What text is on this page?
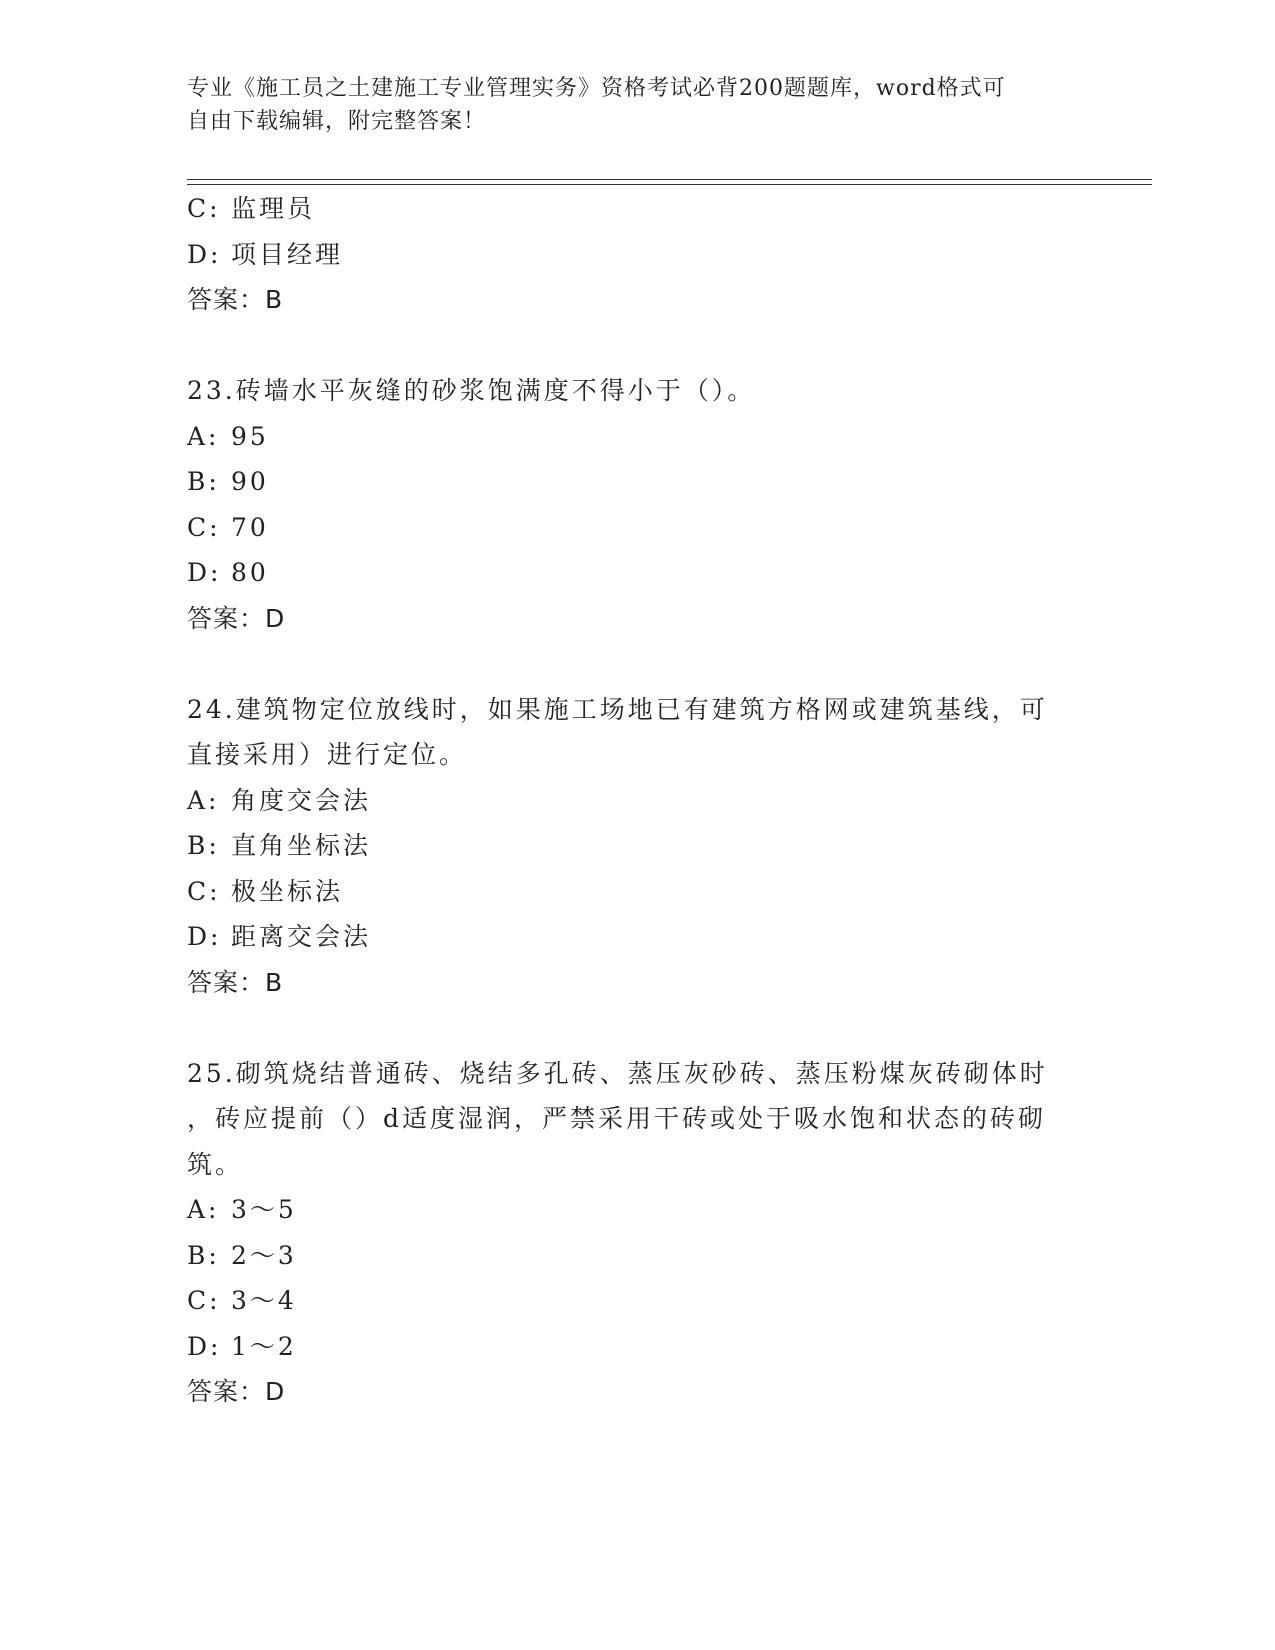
专业《施工员之土建施工专业管理实务》资格考试必背200题题库，word格式可
自由下载编辑，附完整答案！
C: 监理员
D: 项目经理
答案：B
23.砖墙水平灰缝的砂浆饱满度不得小于（）。
A: 95
B: 90
C: 70
D: 80
答案：D
24.建筑物定位放线时，如果施工场地已有建筑方格网或建筑基线，可
直接采用）进行定位。
A: 角度交会法
B: 直角坐标法
C: 极坐标法
D: 距离交会法
答案：B
25.砌筑烧结普通砖、烧结多孔砖、蒸压灰砂砖、蒸压粉煤灰砖砌体时
，砖应提前（）d适度湿润，严禁采用干砖或处于吸水饱和状态的砖砌
筑。
A: 3～5
B: 2～3
C: 3～4
D: 1～2
答案：D
